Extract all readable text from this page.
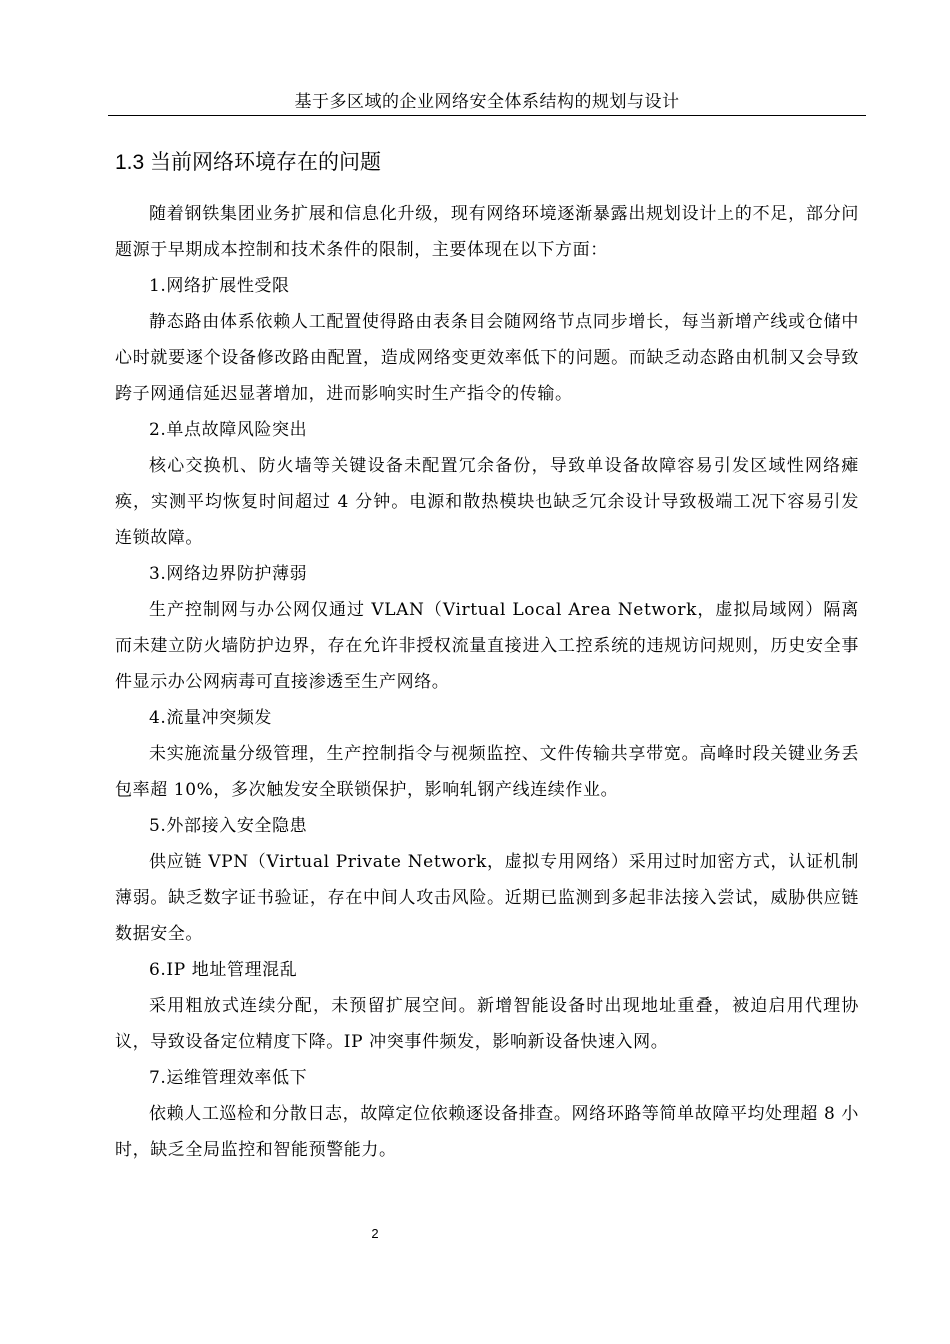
基于多区域的企业网络安全体系结构的规划与设计
1.3 当前网络环境存在的问题

随着钢铁集团业务扩展和信息化升级，现有网络环境逐渐暴露出规划设计上的不足，部分问题源于早期成本控制和技术条件的限制，主要体现在以下方面：

1.网络扩展性受限

静态路由体系依赖人工配置使得路由表条目会随网络节点同步增长，每当新增产线或仓储中心时就要逐个设备修改路由配置，造成网络变更效率低下的问题。而缺乏动态路由机制又会导致跨子网通信延迟显著增加，进而影响实时生产指令的传输。

2.单点故障风险突出

核心交换机、防火墙等关键设备未配置冗余备份，导致单设备故障容易引发区域性网络瘫痪，实测平均恢复时间超过 4 分钟。电源和散热模块也缺乏冗余设计导致极端工况下容易引发连锁故障。

3.网络边界防护薄弱

生产控制网与办公网仅通过 VLAN（Virtual Local Area Network，虚拟局域网）隔离而未建立防火墙防护边界，存在允许非授权流量直接进入工控系统的违规访问规则，历史安全事件显示办公网病毒可直接渗透至生产网络。

4.流量冲突频发

未实施流量分级管理，生产控制指令与视频监控、文件传输共享带宽。高峰时段关键业务丢包率超 10%，多次触发安全联锁保护，影响轧钢产线连续作业。

5.外部接入安全隐患

供应链 VPN（Virtual Private Network，虚拟专用网络）采用过时加密方式，认证机制薄弱。缺乏数字证书验证，存在中间人攻击风险。近期已监测到多起非法接入尝试，威胁供应链数据安全。

6.IP 地址管理混乱

采用粗放式连续分配，未预留扩展空间。新增智能设备时出现地址重叠，被迫启用代理协议，导致设备定位精度下降。IP 冲突事件频发，影响新设备快速入网。

7.运维管理效率低下

依赖人工巡检和分散日志，故障定位依赖逐设备排查。网络环路等简单故障平均处理超 8 小时，缺乏全局监控和智能预警能力。

2
